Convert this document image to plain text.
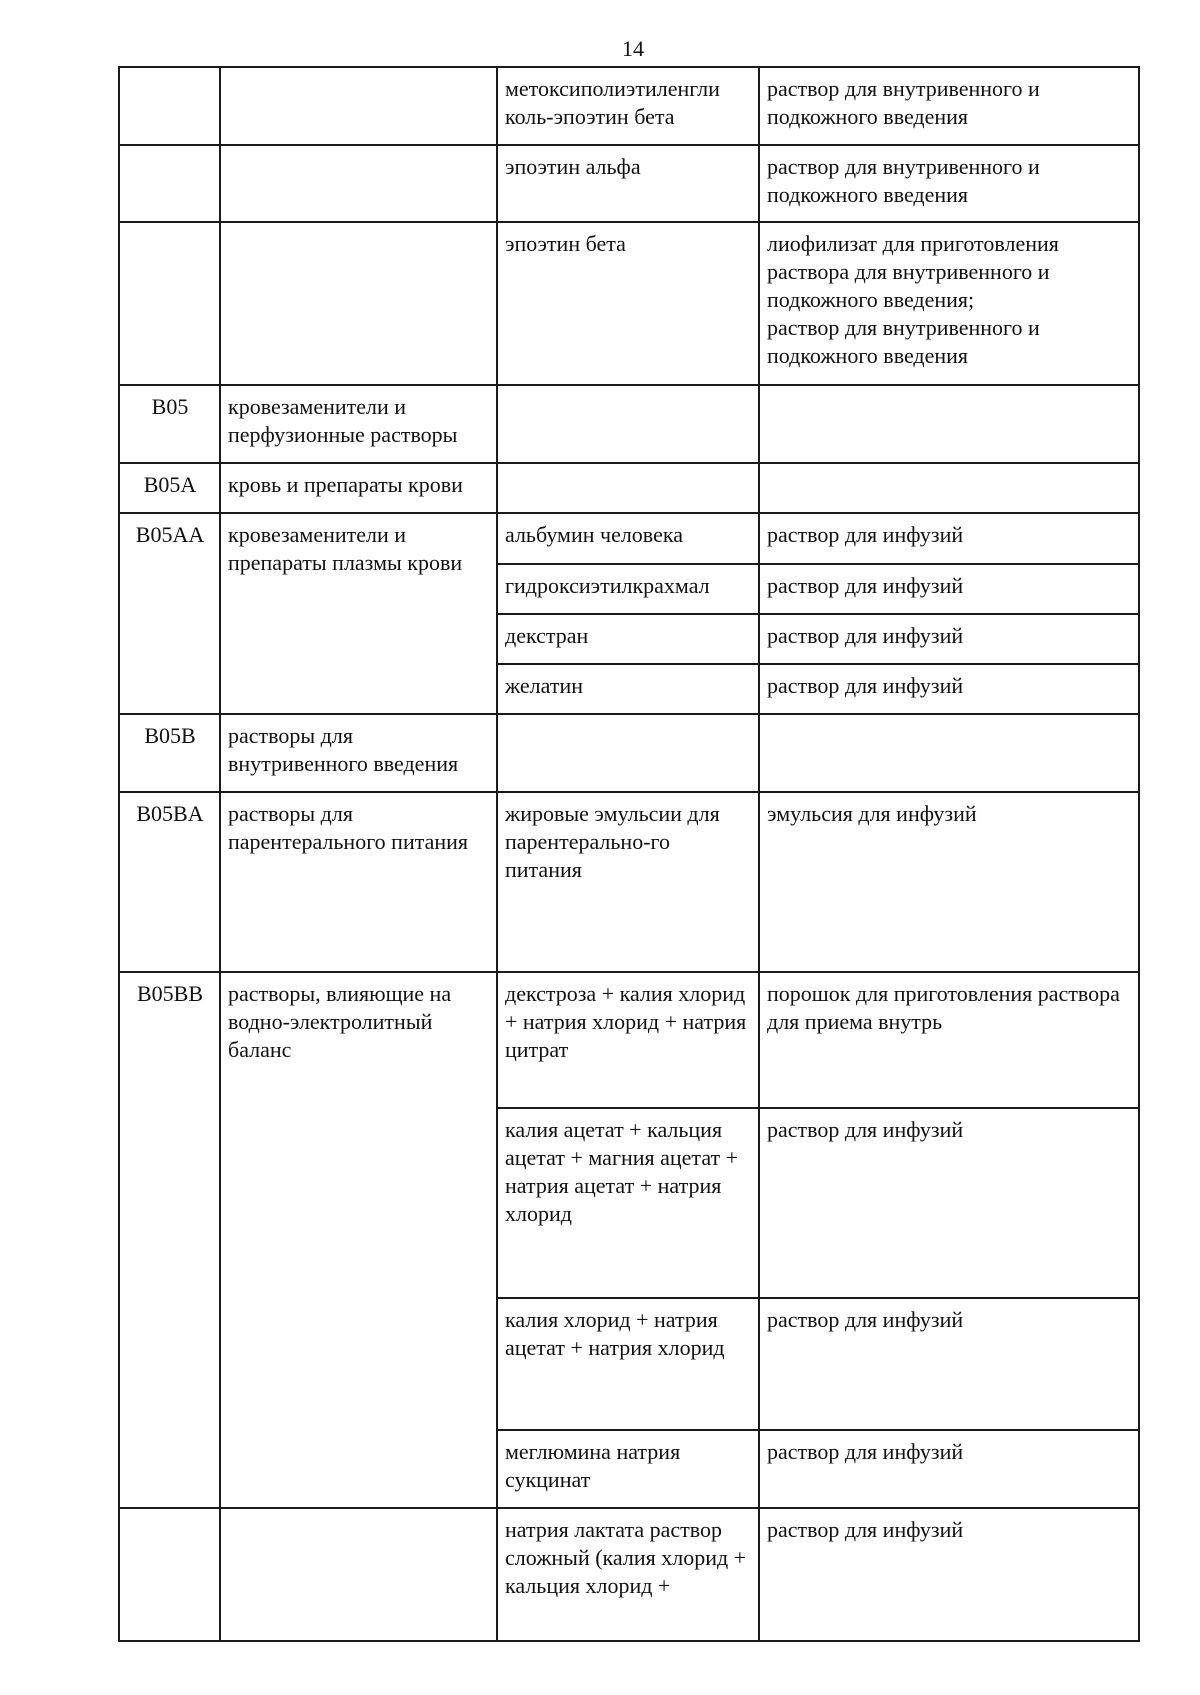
14
		метоксиполиэтиленгли коль-эпоэтин бета	раствор для внутривенного и подкожного введения

		эпоэтин альфа	раствор для внутривенного и подкожного введения

		эпоэтин бета	лиофилизат для приготовления раствора для внутривенного и подкожного введения;
раствор для внутривенного и подкожного введения

B05	кровезаменители и перфузионные растворы		

B05A	кровь и препараты крови		

B05AA	кровезаменители и препараты плазмы крови	альбумин человека	раствор для инфузий

		гидроксиэтилкрахмал	раствор для инфузий

		декстран	раствор для инфузий

		желатин	раствор для инфузий

B05B	растворы для внутривенного введения		

B05BA	растворы для парентерального питания	жировые эмульсии для парентерально-го питания	эмульсия для инфузий

B05BB	растворы, влияющие на водно-электролитный баланс	декстроза + калия хлорид + натрия хлорид + натрия цитрат	порошок для приготовления раствора для приема внутрь

		калия ацетат + кальция ацетат + магния ацетат + натрия ацетат + натрия хлорид	раствор для инфузий

		калия хлорид + натрия ацетат + натрия хлорид	раствор для инфузий

		меглюмина натрия сукцинат	раствор для инфузий

		натрия лактата раствор сложный (калия хлорид + кальция хлорид +	раствор для инфузий
